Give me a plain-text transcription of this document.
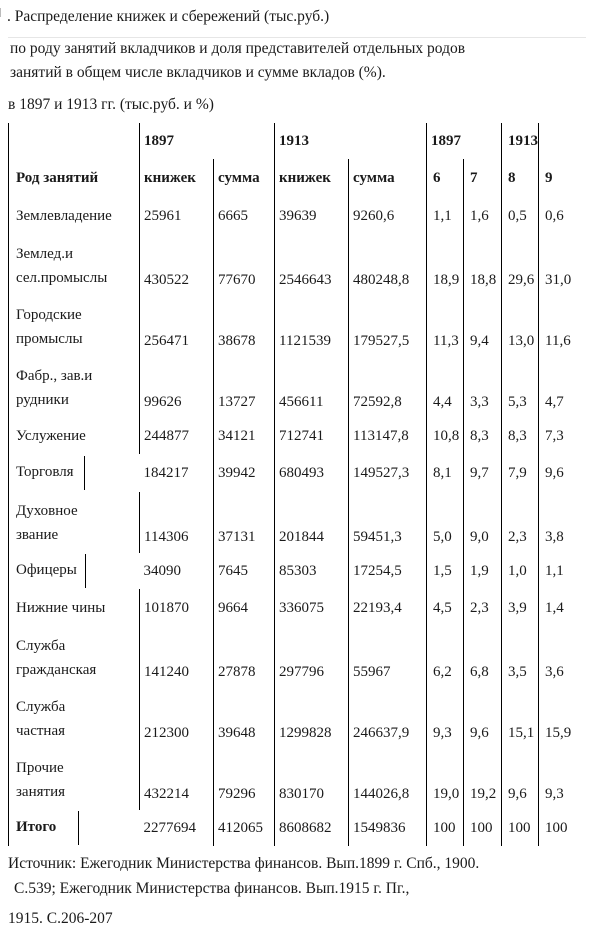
. Распределение книжек и сбережений (тыс.руб.)
по роду занятий вкладчиков и доля представителей отдельных родов
занятий в общем числе вкладчиков и сумме вкладов (%).
в 1897 и 1913 гг. (тыс.руб. и %)
	1897		1913		1897		1913	
Род занятий	книжек	сумма	книжек	сумма	6	7	8	9

Землевладение	25961	6665	39639	9260,6	1,1	1,6	0,5	0,6

Землед.и
сел.промыслы	430522	77670	2546643	480248,8	18,9	18,8	29,6	31,0

Городские
промыслы	256471	38678	1121539	179527,5	11,3	9,4	13,0	11,6

Фабр., зав.и
рудники	99626	13727	456611	72592,8	4,4	3,3	5,3	4,7

Услужение	244877	34121	712741	113147,8	10,8	8,3	8,3	7,3
Торговля	184217	39942	680493	149527,3	8,1	9,7	7,9	9,6

Духовное
звание	114306	37131	201844	59451,3	5,0	9,0	2,3	3,8
Офицеры	34090	7645	85303	17254,5	1,5	1,9	1,0	1,1

Нижние чины	101870	9664	336075	22193,4	4,5	2,3	3,9	1,4

Служба
гражданская	141240	27878	297796	55967	6,2	6,8	3,5	3,6

Служба
частная	212300	39648	1299828	246637,9	9,3	9,6	15,1	15,9

Прочие
занятия	432214	79296	830170	144026,8	19,0	19,2	9,6	9,3
Итого	2277694	412065	8608682	1549836	100	100	100	100
Источник: Ежегодник Министерства финансов. Вып.1899 г. Спб., 1900.
С.539; Ежегодник Министерства финансов. Вып.1915 г. Пг.,
1915. С.206-207
